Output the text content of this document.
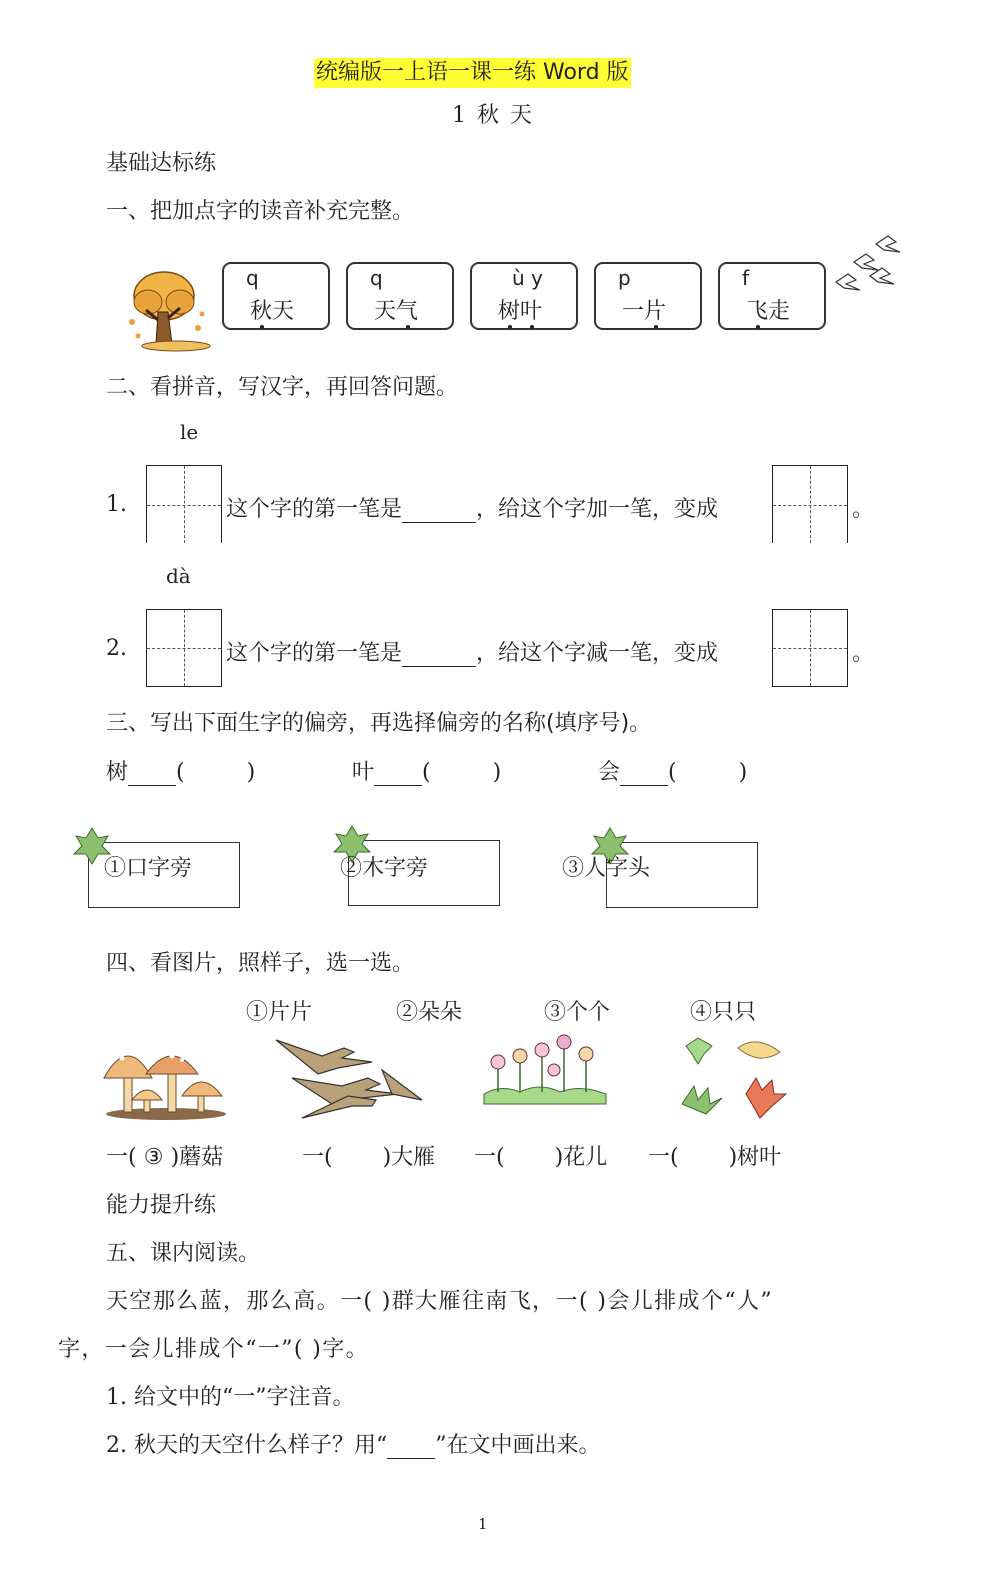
统编版一上语一课一练 Word 版
1 秋 天
基础达标练
一、把加点字的读音补充完整。
q
秋天
q
天气
ù y
树叶
p
一片
f
飞走
二、看拼音，写汉字，再回答问题。
le
1.	这个字的第一笔是	，给这个字加一笔，变成	。
dà
2.	这个字的第一笔是	，给这个字减一笔，变成	。
三、写出下面生字的偏旁，再选择偏旁的名称(填序号)。
树 (	)	叶 (	)	会 (	)
①口字旁	②木字旁	③人字头
四、看图片，照样子，选一选。
①片片	②朵朵	③个个	④只只
一( ③ )蘑菇	一( )大雁 一( )花儿 一( )树叶
能力提升练
五、课内阅读。
天空那么蓝，那么高。一( )群大雁往南飞，一( )会儿排成个“人”
字，一会儿排成个“一”( )字。
1. 给文中的“一”字注音。
2. 秋天的天空什么样子？用“ ”在文中画出来。
1
